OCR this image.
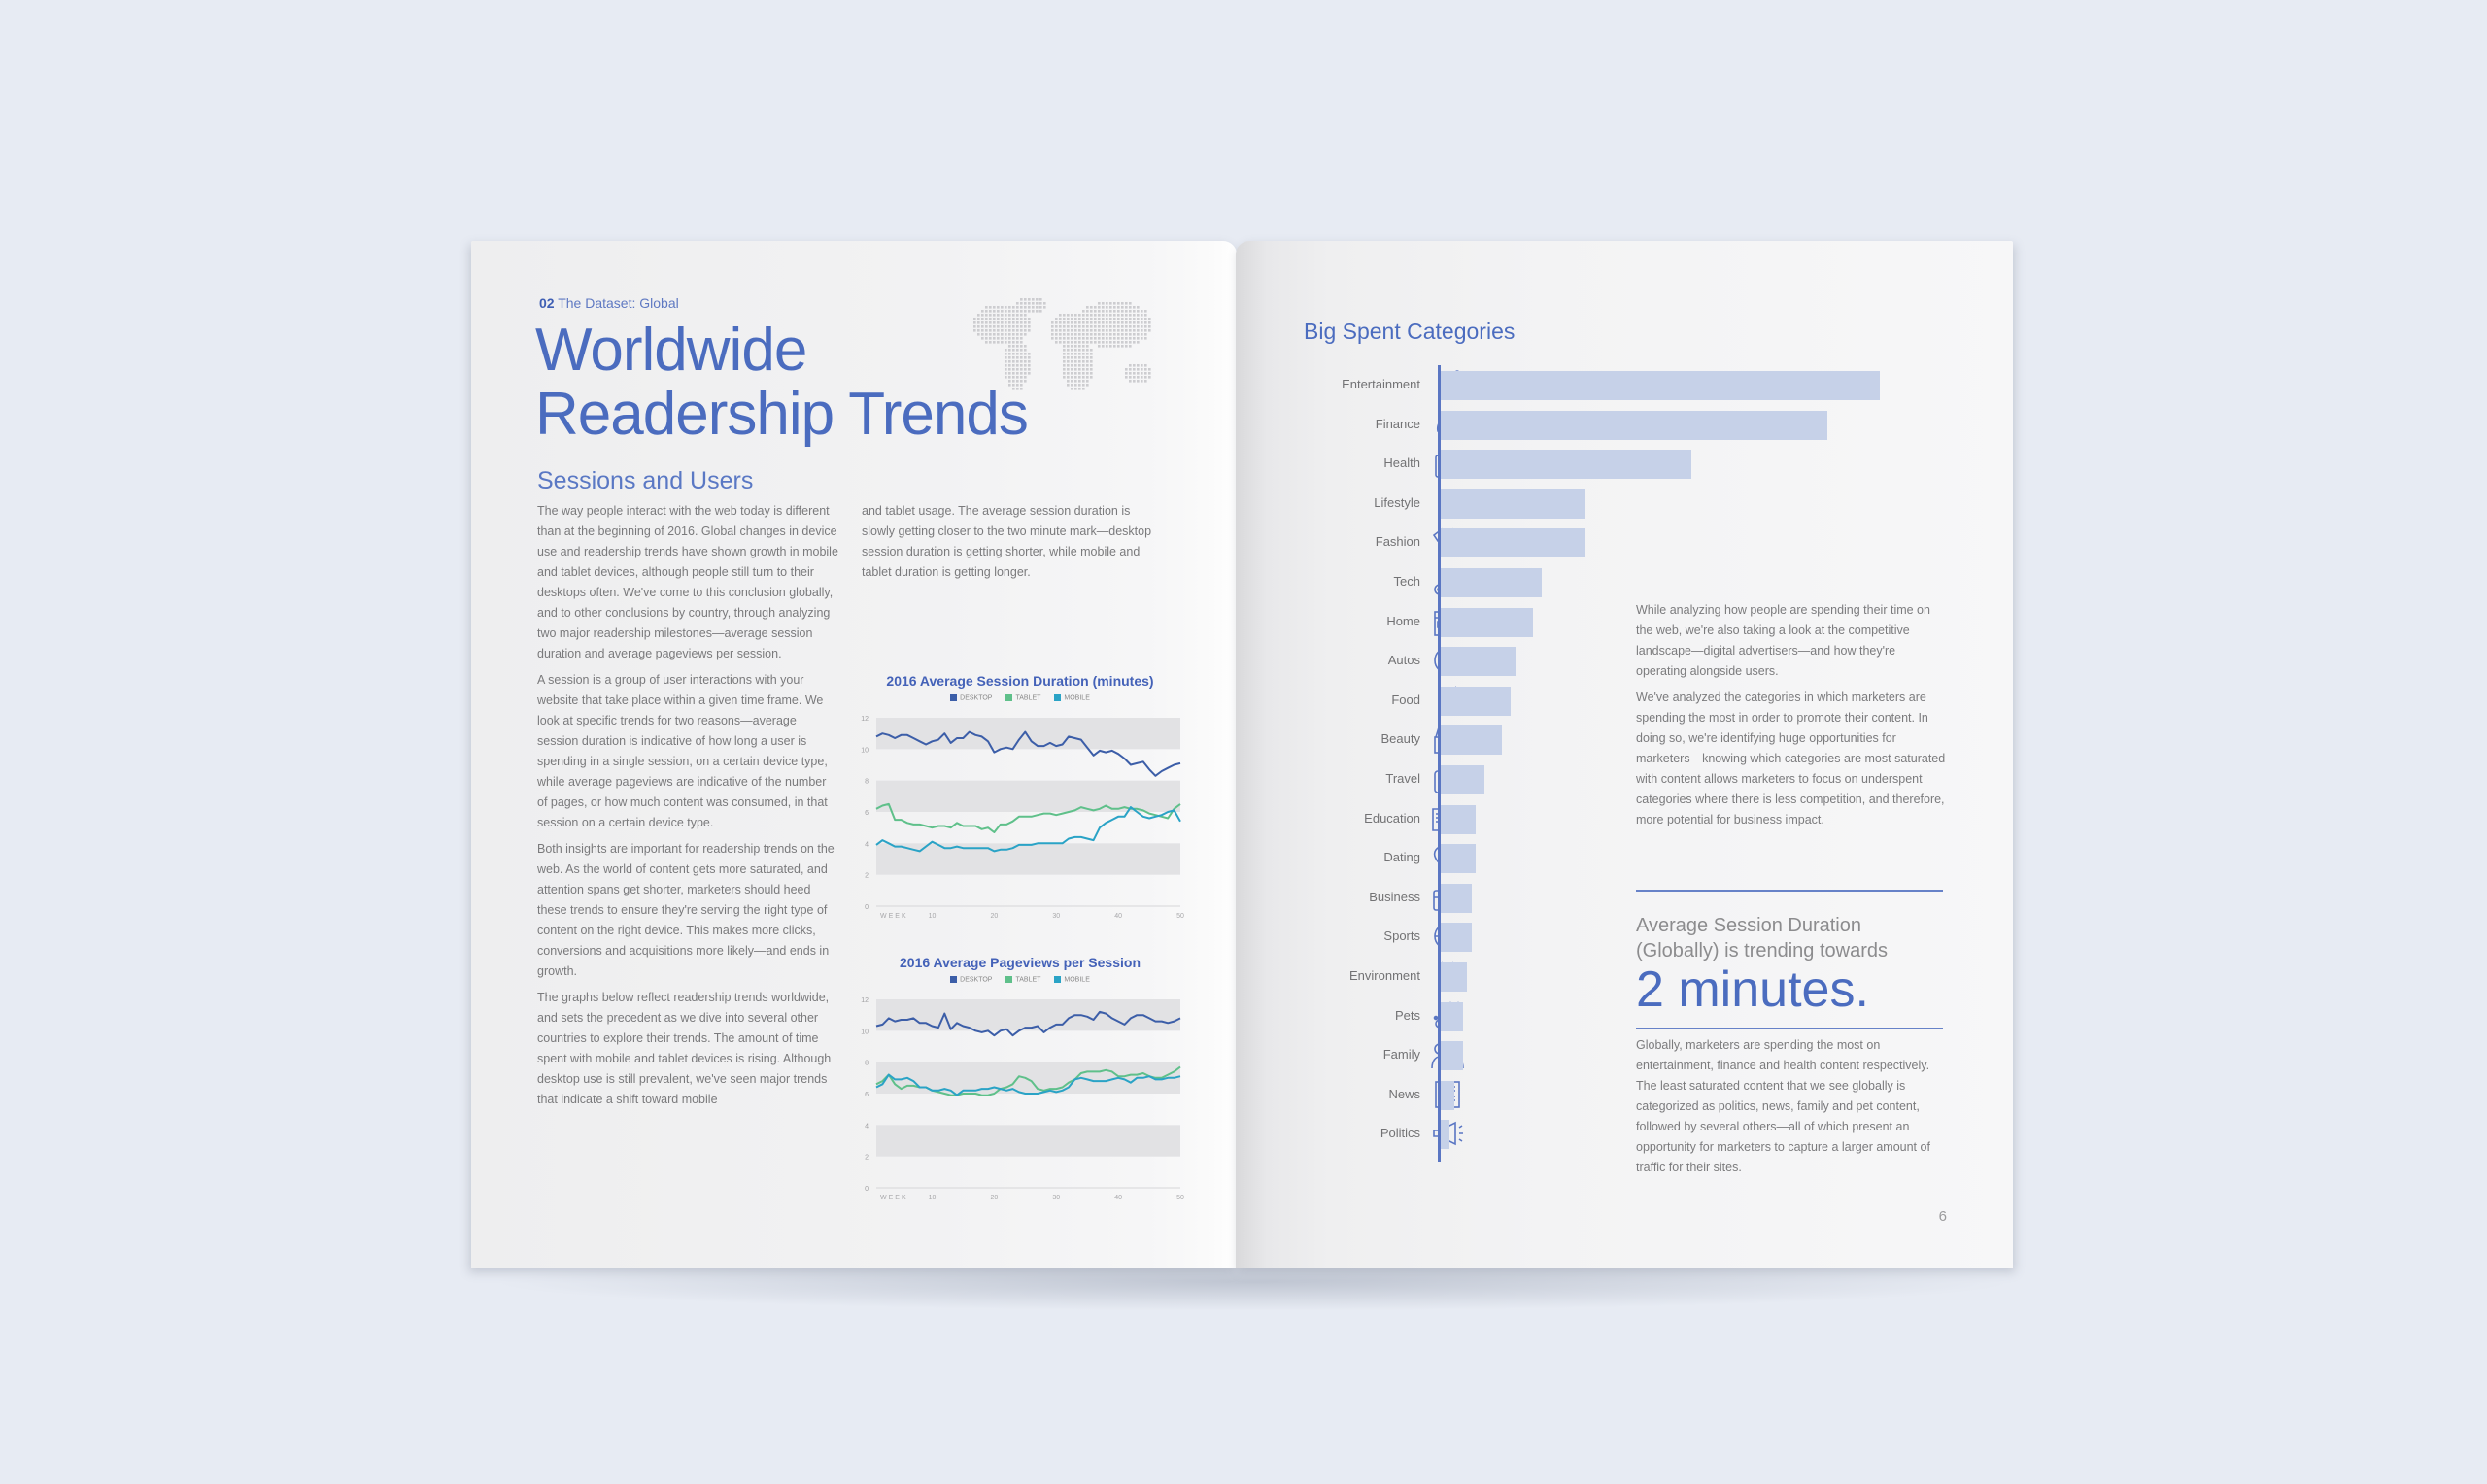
02 The Dataset: Global
Worldwide
Readership Trends
Sessions and Users

The way people interact with the web today is different than at the beginning of 2016. Global changes in device use and readership trends have shown growth in mobile and tablet devices, although people still turn to their desktops often. We've come to this conclusion globally, and to other conclusions by country, through analyzing two major readership milestones—average session duration and average pageviews per session.

A session is a group of user interactions with your website that take place within a given time frame. We look at specific trends for two reasons—average session duration is indicative of how long a user is spending in a single session, on a certain device type, while average pageviews are indicative of the number of pages, or how much content was consumed, in that session on a certain device type.

Both insights are important for readership trends on the web. As the world of content gets more saturated, and attention spans get shorter, marketers should heed these trends to ensure they're serving the right type of content on the right device. This makes more clicks, conversions and acquisitions more likely—and ends in growth.

The graphs below reflect readership trends worldwide, and sets the precedent as we dive into several other countries to explore their trends. The amount of time spent with mobile and tablet devices is rising. Although desktop use is still prevalent, we've seen major trends that indicate a shift toward mobile

and tablet usage. The average session duration is slowly getting closer to the two minute mark—desktop session duration is getting shorter, while mobile and tablet duration is getting longer.

2016 Average Session Duration (minutes)
DESKTOP	TABLET	MOBILE
0
2
4
6
8
10
12
WEEK	10	20	30	40	50
2016 Average Pageviews per Session
DESKTOP	TABLET	MOBILE
0
2
4
6
8
10
12
WEEK	10	20	30	40	50
Big Spent Categories
Entertainment
Finance
Health
Lifestyle
Fashion
Tech
Home
Autos
Food
Beauty
Travel
Education
Dating
Business
Sports
Environment
Pets
Family
News
Politics

While analyzing how people are spending their time on the web, we're also taking a look at the competitive landscape—digital advertisers—and how they're operating alongside users.

We've analyzed the categories in which marketers are spending the most in order to promote their content. In doing so, we're identifying huge opportunities for marketers—knowing which categories are most saturated with content allows marketers to focus on underspent categories where there is less competition, and therefore, more potential for business impact.

Average Session Duration (Globally) is trending towards

2 minutes.

Globally, marketers are spending the most on entertainment, finance and health content respectively. The least saturated content that we see globally is categorized as politics, news, family and pet content, followed by several others—all of which present an opportunity for marketers to capture a larger amount of traffic for their sites.

6
